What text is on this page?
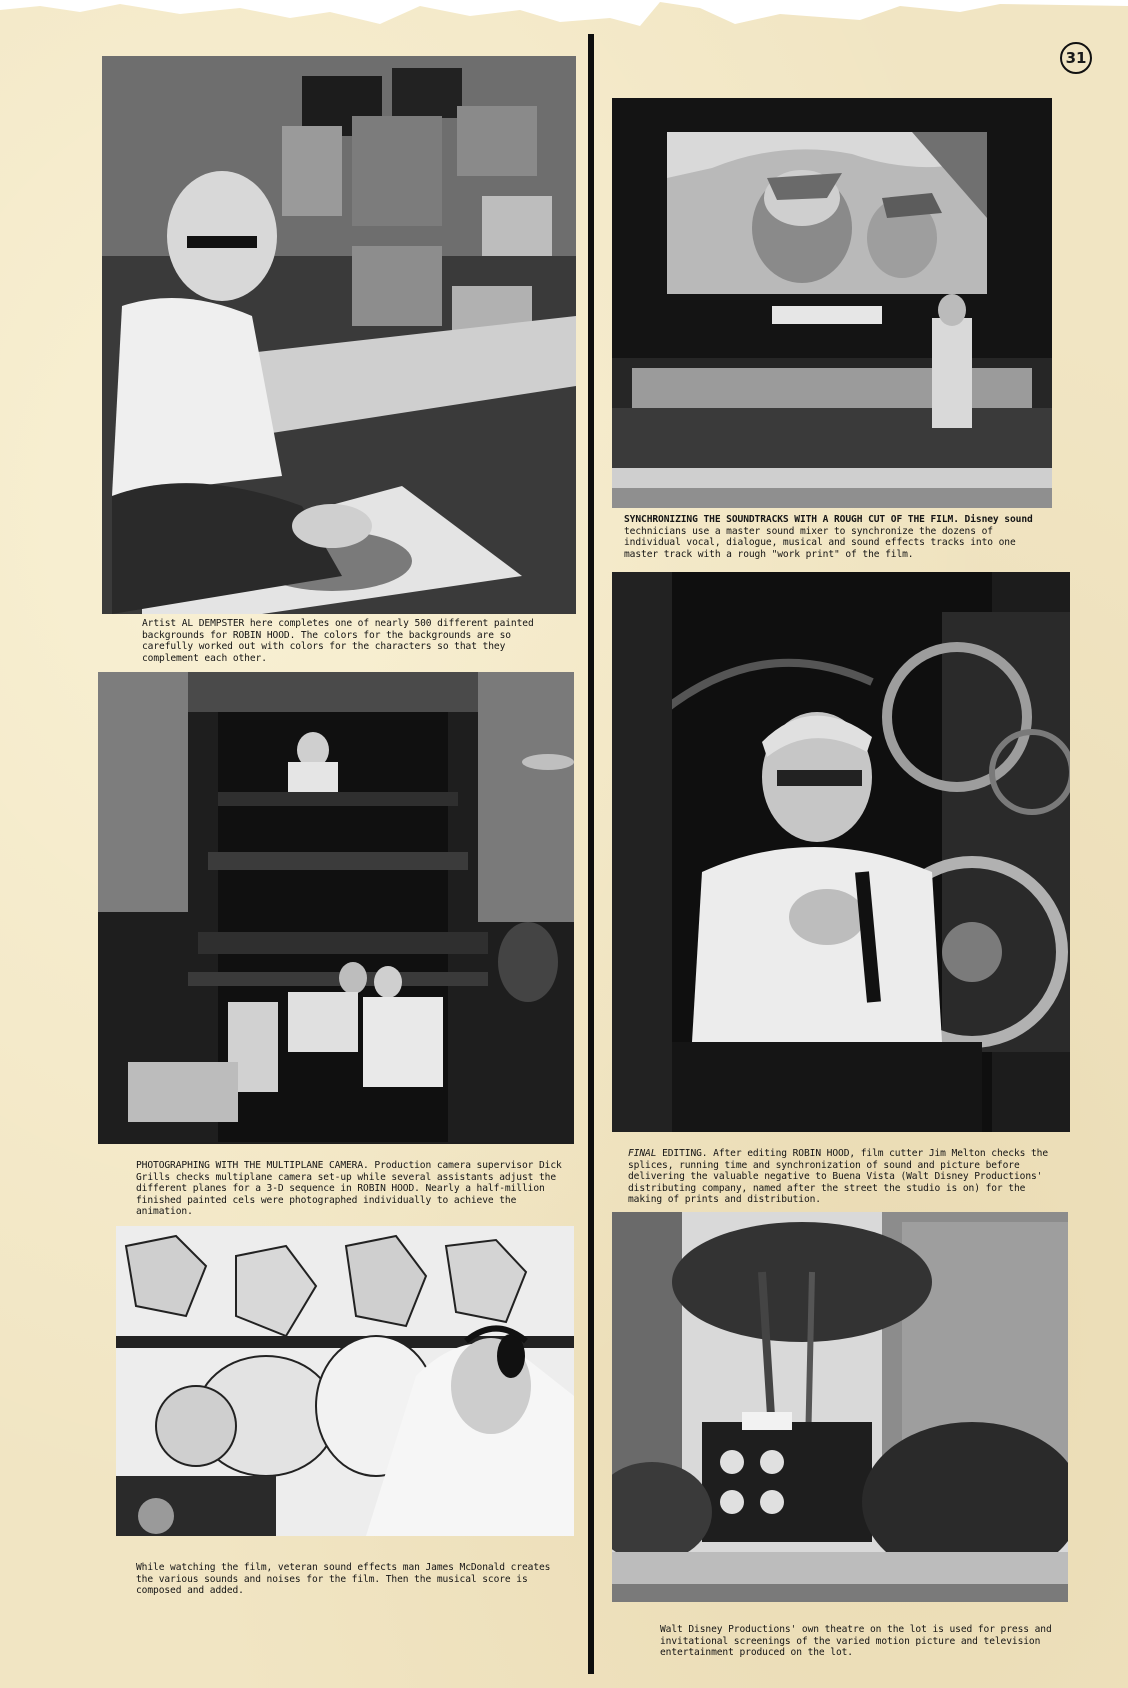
31
Artist AL DEMPSTER here completes one of nearly 500 different painted backgrounds for ROBIN HOOD. The colors for the backgrounds are so carefully worked out with colors for the characters so that they complement each other.
SYNCHRONIZING THE SOUNDTRACKS WITH A ROUGH CUT OF THE FILM. Disney sound technicians use a master sound mixer to synchronize the dozens of individual vocal, dialogue, musical and sound effects tracks into one master track with a rough "work print" of the film.
PHOTOGRAPHING WITH THE MULTIPLANE CAMERA. Production camera supervisor Dick Grills checks multiplane camera set-up while several assistants adjust the different planes for a 3-D sequence in ROBIN HOOD. Nearly a half-million finished painted cels were photographed individually to achieve the animation.
FINAL EDITING. After editing ROBIN HOOD, film cutter Jim Melton checks the splices, running time and synchronization of sound and picture before delivering the valuable negative to Buena Vista (Walt Disney Productions' distributing company, named after the street the studio is on) for the making of prints and distribution.
While watching the film, veteran sound effects man James McDonald creates the various sounds and noises for the film. Then the musical score is composed and added.
Walt Disney Productions' own theatre on the lot is used for press and invitational screenings of the varied motion picture and television entertainment produced on the lot.
